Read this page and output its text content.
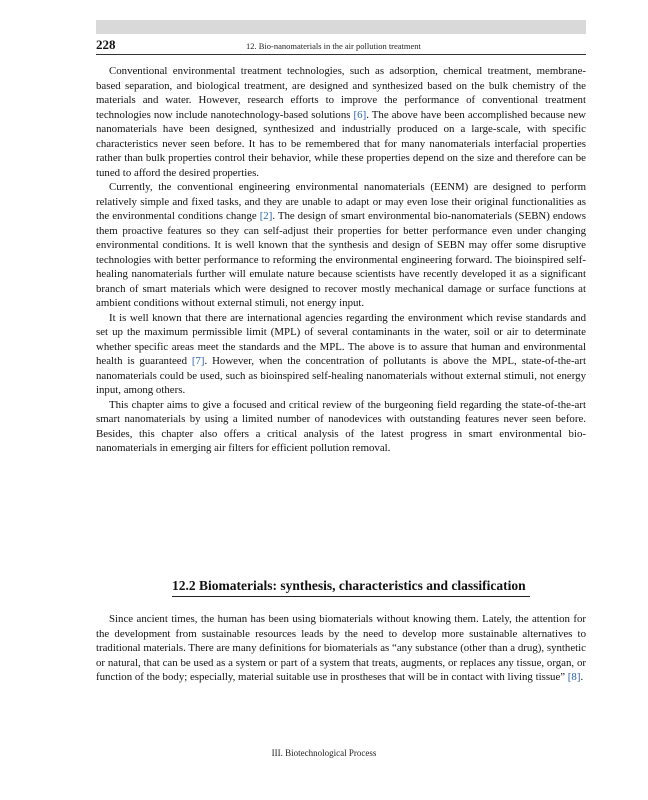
228	12. Bio-nanomaterials in the air pollution treatment

Conventional environmental treatment technologies, such as adsorption, chemical treatment, membrane-based separation, and biological treatment, are designed and synthesized based on the bulk chemistry of the materials and water. However, research efforts to improve the performance of conventional treatment technologies now include nanotechnology-based solutions [6]. The above have been accomplished because new nanomaterials have been designed, synthesized and industrially produced on a large-scale, with specific characteristics never seen before. It has to be remembered that for many nanomaterials interfacial properties rather than bulk properties control their behavior, while these properties depend on the size and therefore can be tuned to afford the desired properties.

Currently, the conventional engineering environmental nanomaterials (EENM) are designed to perform relatively simple and fixed tasks, and they are unable to adapt or may even lose their original functionalities as the environmental conditions change [2]. The design of smart environmental bio-nanomaterials (SEBN) endows them proactive features so they can self-adjust their properties for better performance even under changing environmental conditions. It is well known that the synthesis and design of SEBN may offer some disruptive technologies with better performance to reforming the environmental engineering forward. The bioinspired self-healing nanomaterials further will emulate nature because scientists have recently developed it as a significant branch of smart materials which were designed to recover mostly mechanical damage or surface functions at ambient conditions without external stimuli, not energy input.

It is well known that there are international agencies regarding the environment which revise standards and set up the maximum permissible limit (MPL) of several contaminants in the water, soil or air to determinate whether specific areas meet the standards and the MPL. The above is to assure that human and environmental health is guaranteed [7]. However, when the concentration of pollutants is above the MPL, state-of-the-art nanomaterials could be used, such as bioinspired self-healing nanomaterials without external stimuli, not energy input, among others.

This chapter aims to give a focused and critical review of the burgeoning field regarding the state-of-the-art smart nanomaterials by using a limited number of nanodevices with outstanding features never seen before. Besides, this chapter also offers a critical analysis of the latest progress in smart environmental bio-nanomaterials in emerging air filters for efficient pollution removal.

12.2 Biomaterials: synthesis, characteristics and classification

Since ancient times, the human has been using biomaterials without knowing them. Lately, the attention for the development from sustainable resources leads by the need to develop more sustainable alternatives to traditional materials. There are many definitions for biomaterials as “any substance (other than a drug), synthetic or natural, that can be used as a system or part of a system that treats, augments, or replaces any tissue, organ, or function of the body; especially, material suitable use in prostheses that will be in contact with living tissue” [8].

III. Biotechnological Process
